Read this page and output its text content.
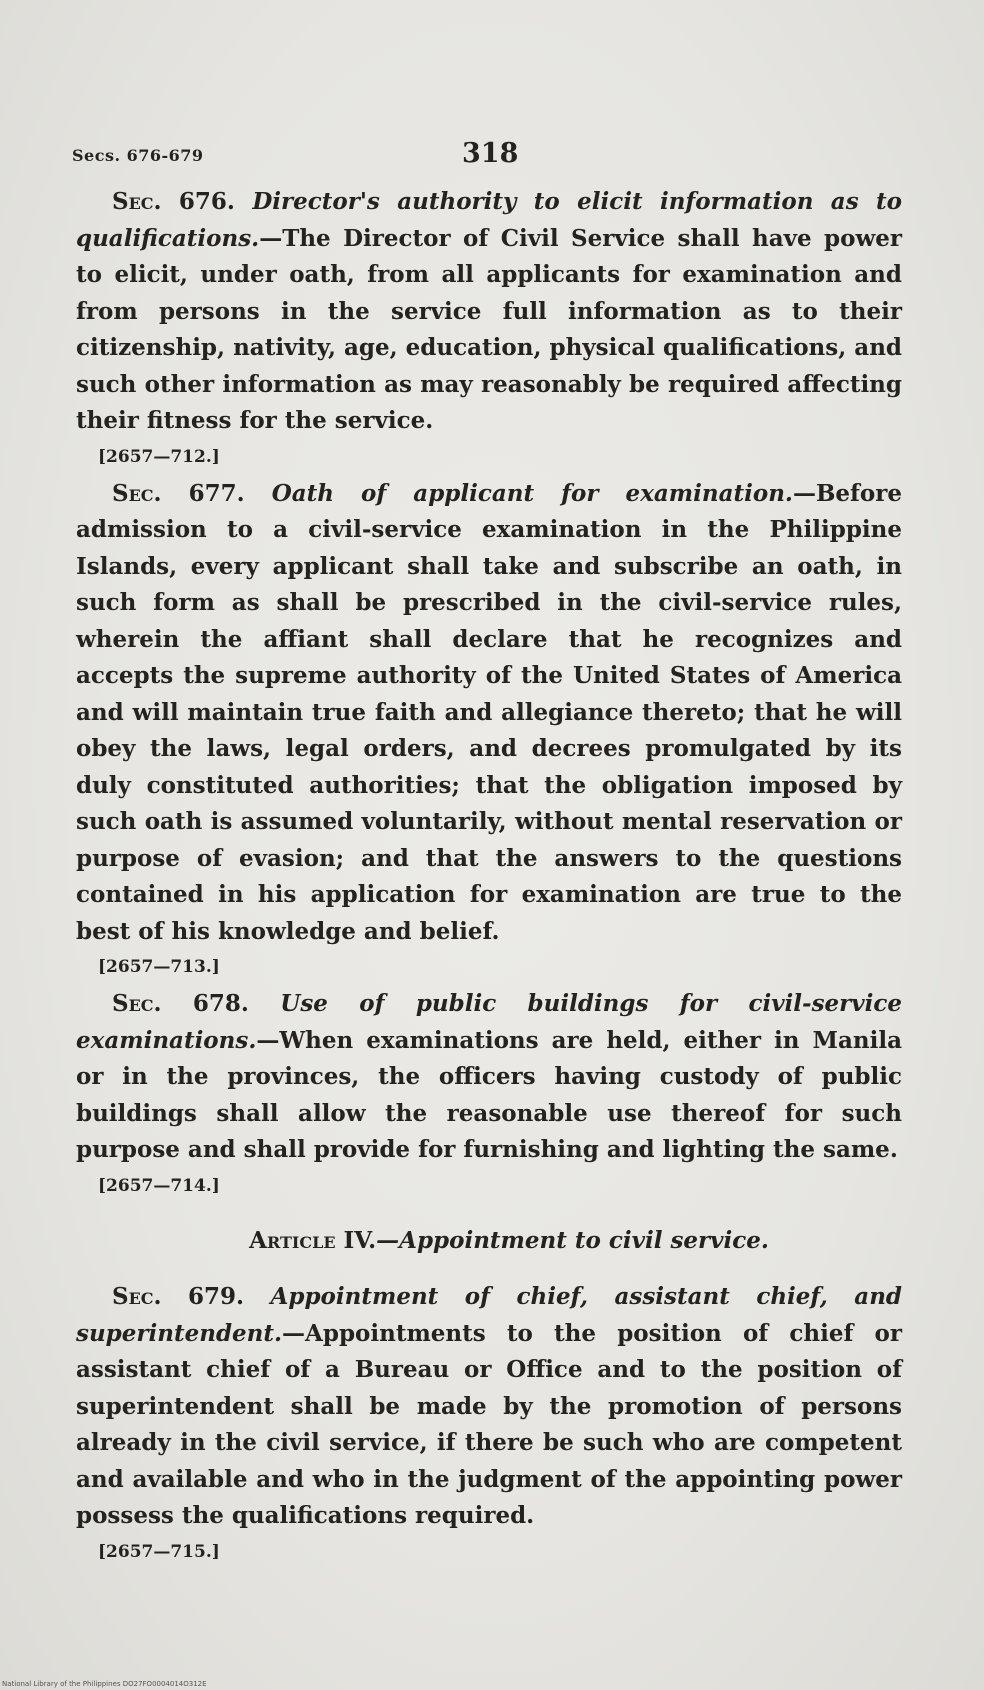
Secs. 676-679	318

Sec. 676. Director's authority to elicit information as to qualifications.—The Director of Civil Service shall have power to elicit, under oath, from all applicants for examination and from persons in the service full information as to their citizenship, nativity, age, education, physical qualifications, and such other information as may reasonably be required affecting their fitness for the service.

[2657—712.]

Sec. 677. Oath of applicant for examination.—Before admission to a civil-service examination in the Philippine Islands, every applicant shall take and subscribe an oath, in such form as shall be prescribed in the civil-service rules, wherein the affiant shall declare that he recognizes and accepts the supreme authority of the United States of America and will maintain true faith and allegiance thereto; that he will obey the laws, legal orders, and decrees promulgated by its duly constituted authorities; that the obligation imposed by such oath is assumed voluntarily, without mental reservation or purpose of evasion; and that the answers to the questions contained in his application for examination are true to the best of his knowledge and belief.

[2657—713.]

Sec. 678. Use of public buildings for civil-service examinations.—When examinations are held, either in Manila or in the provinces, the officers having custody of public buildings shall allow the reasonable use thereof for such purpose and shall provide for furnishing and lighting the same.

[2657—714.]
Article IV.—Appointment to civil service.

Sec. 679. Appointment of chief, assistant chief, and superintendent.—Appointments to the position of chief or assistant chief of a Bureau or Office and to the position of superintendent shall be made by the promotion of persons already in the civil service, if there be such who are competent and available and who in the judgment of the appointing power possess the qualifications required.

[2657—715.]
National Library of the Philippines DO27FO0004014O312E
